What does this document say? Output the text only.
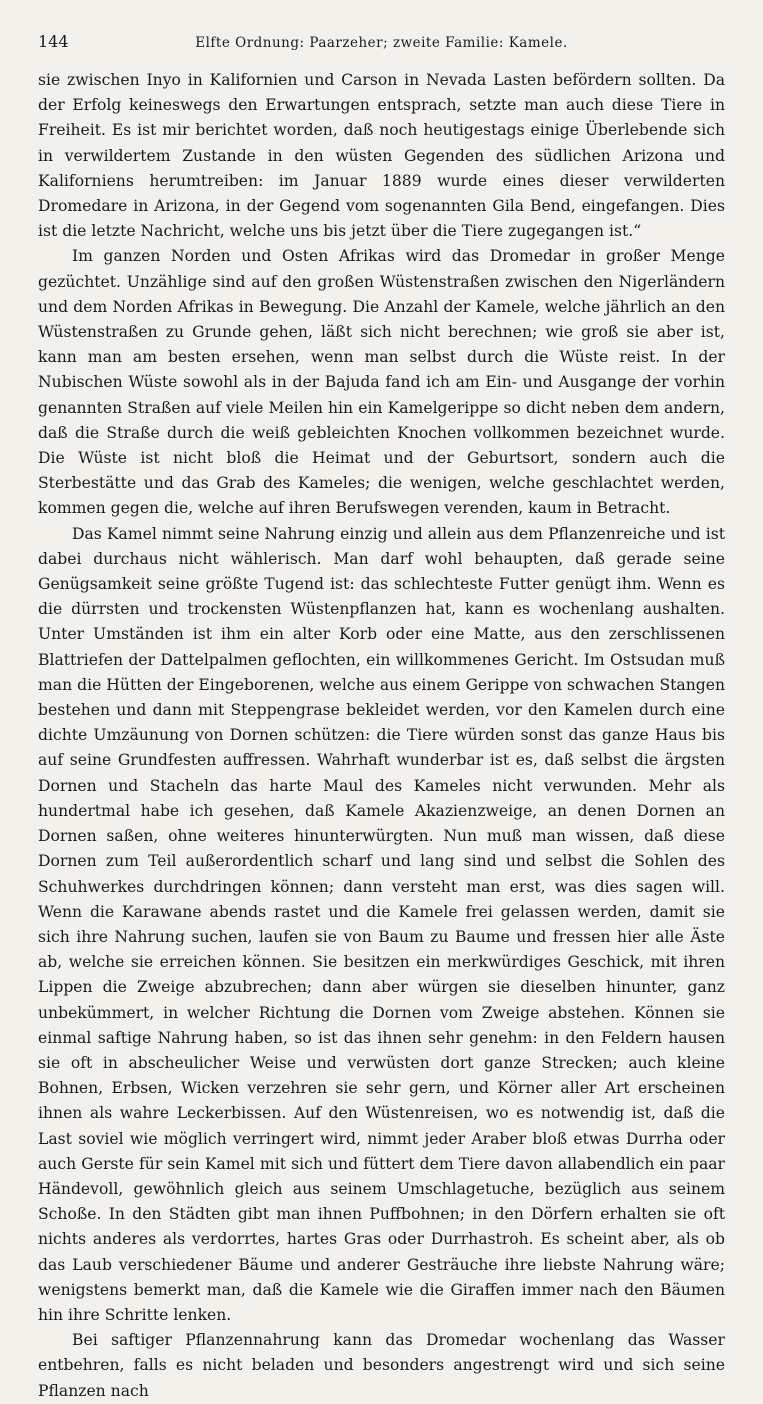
144	Elfte Ordnung: Paarzeher; zweite Familie: Kamele.

sie zwischen Inyo in Kalifornien und Carson in Nevada Lasten befördern sollten. Da der Erfolg keineswegs den Erwartungen entsprach, setzte man auch diese Tiere in Freiheit. Es ist mir berichtet worden, daß noch heutigestags einige Überlebende sich in verwildertem Zustande in den wüsten Gegenden des südlichen Arizona und Kaliforniens herumtreiben: im Januar 1889 wurde eines dieser verwilderten Dromedare in Arizona, in der Gegend vom sogenannten Gila Bend, eingefangen. Dies ist die letzte Nachricht, welche uns bis jetzt über die Tiere zugegangen ist.“

Im ganzen Norden und Osten Afrikas wird das Dromedar in großer Menge gezüchtet. Unzählige sind auf den großen Wüstenstraßen zwischen den Nigerländern und dem Norden Afrikas in Bewegung. Die Anzahl der Kamele, welche jährlich an den Wüstenstraßen zu Grunde gehen, läßt sich nicht berechnen; wie groß sie aber ist, kann man am besten ersehen, wenn man selbst durch die Wüste reist. In der Nubischen Wüste sowohl als in der Bajuda fand ich am Ein- und Ausgange der vorhin genannten Straßen auf viele Meilen hin ein Kamelgerippe so dicht neben dem andern, daß die Straße durch die weiß gebleichten Knochen vollkommen bezeichnet wurde. Die Wüste ist nicht bloß die Heimat und der Geburtsort, sondern auch die Sterbestätte und das Grab des Kameles; die wenigen, welche geschlachtet werden, kommen gegen die, welche auf ihren Berufswegen verenden, kaum in Betracht.

Das Kamel nimmt seine Nahrung einzig und allein aus dem Pflanzenreiche und ist dabei durchaus nicht wählerisch. Man darf wohl behaupten, daß gerade seine Genügsamkeit seine größte Tugend ist: das schlechteste Futter genügt ihm. Wenn es die dürrsten und trockensten Wüstenpflanzen hat, kann es wochenlang aushalten. Unter Umständen ist ihm ein alter Korb oder eine Matte, aus den zerschlissenen Blattriefen der Dattelpalmen geflochten, ein willkommenes Gericht. Im Ostsudan muß man die Hütten der Eingeborenen, welche aus einem Gerippe von schwachen Stangen bestehen und dann mit Steppengrase bekleidet werden, vor den Kamelen durch eine dichte Umzäunung von Dornen schützen: die Tiere würden sonst das ganze Haus bis auf seine Grundfesten auffressen. Wahrhaft wunderbar ist es, daß selbst die ärgsten Dornen und Stacheln das harte Maul des Kameles nicht verwunden. Mehr als hundertmal habe ich gesehen, daß Kamele Akazienzweige, an denen Dornen an Dornen saßen, ohne weiteres hinunterwürgten. Nun muß man wissen, daß diese Dornen zum Teil außerordentlich scharf und lang sind und selbst die Sohlen des Schuhwerkes durchdringen können; dann versteht man erst, was dies sagen will. Wenn die Karawane abends rastet und die Kamele frei gelassen werden, damit sie sich ihre Nahrung suchen, laufen sie von Baum zu Baume und fressen hier alle Äste ab, welche sie erreichen können. Sie besitzen ein merkwürdiges Geschick, mit ihren Lippen die Zweige abzubrechen; dann aber würgen sie dieselben hinunter, ganz unbekümmert, in welcher Richtung die Dornen vom Zweige abstehen. Können sie einmal saftige Nahrung haben, so ist das ihnen sehr genehm: in den Feldern hausen sie oft in abscheulicher Weise und verwüsten dort ganze Strecken; auch kleine Bohnen, Erbsen, Wicken verzehren sie sehr gern, und Körner aller Art erscheinen ihnen als wahre Leckerbissen. Auf den Wüstenreisen, wo es notwendig ist, daß die Last soviel wie möglich verringert wird, nimmt jeder Araber bloß etwas Durrha oder auch Gerste für sein Kamel mit sich und füttert dem Tiere davon allabendlich ein paar Händevoll, gewöhnlich gleich aus seinem Umschlagetuche, bezüglich aus seinem Schoße. In den Städten gibt man ihnen Puffbohnen; in den Dörfern erhalten sie oft nichts anderes als verdorrtes, hartes Gras oder Durrhastroh. Es scheint aber, als ob das Laub verschiedener Bäume und anderer Gesträuche ihre liebste Nahrung wäre; wenigstens bemerkt man, daß die Kamele wie die Giraffen immer nach den Bäumen hin ihre Schritte lenken.

Bei saftiger Pflanzennahrung kann das Dromedar wochenlang das Wasser entbehren, falls es nicht beladen und besonders angestrengt wird und sich seine Pflanzen nach
